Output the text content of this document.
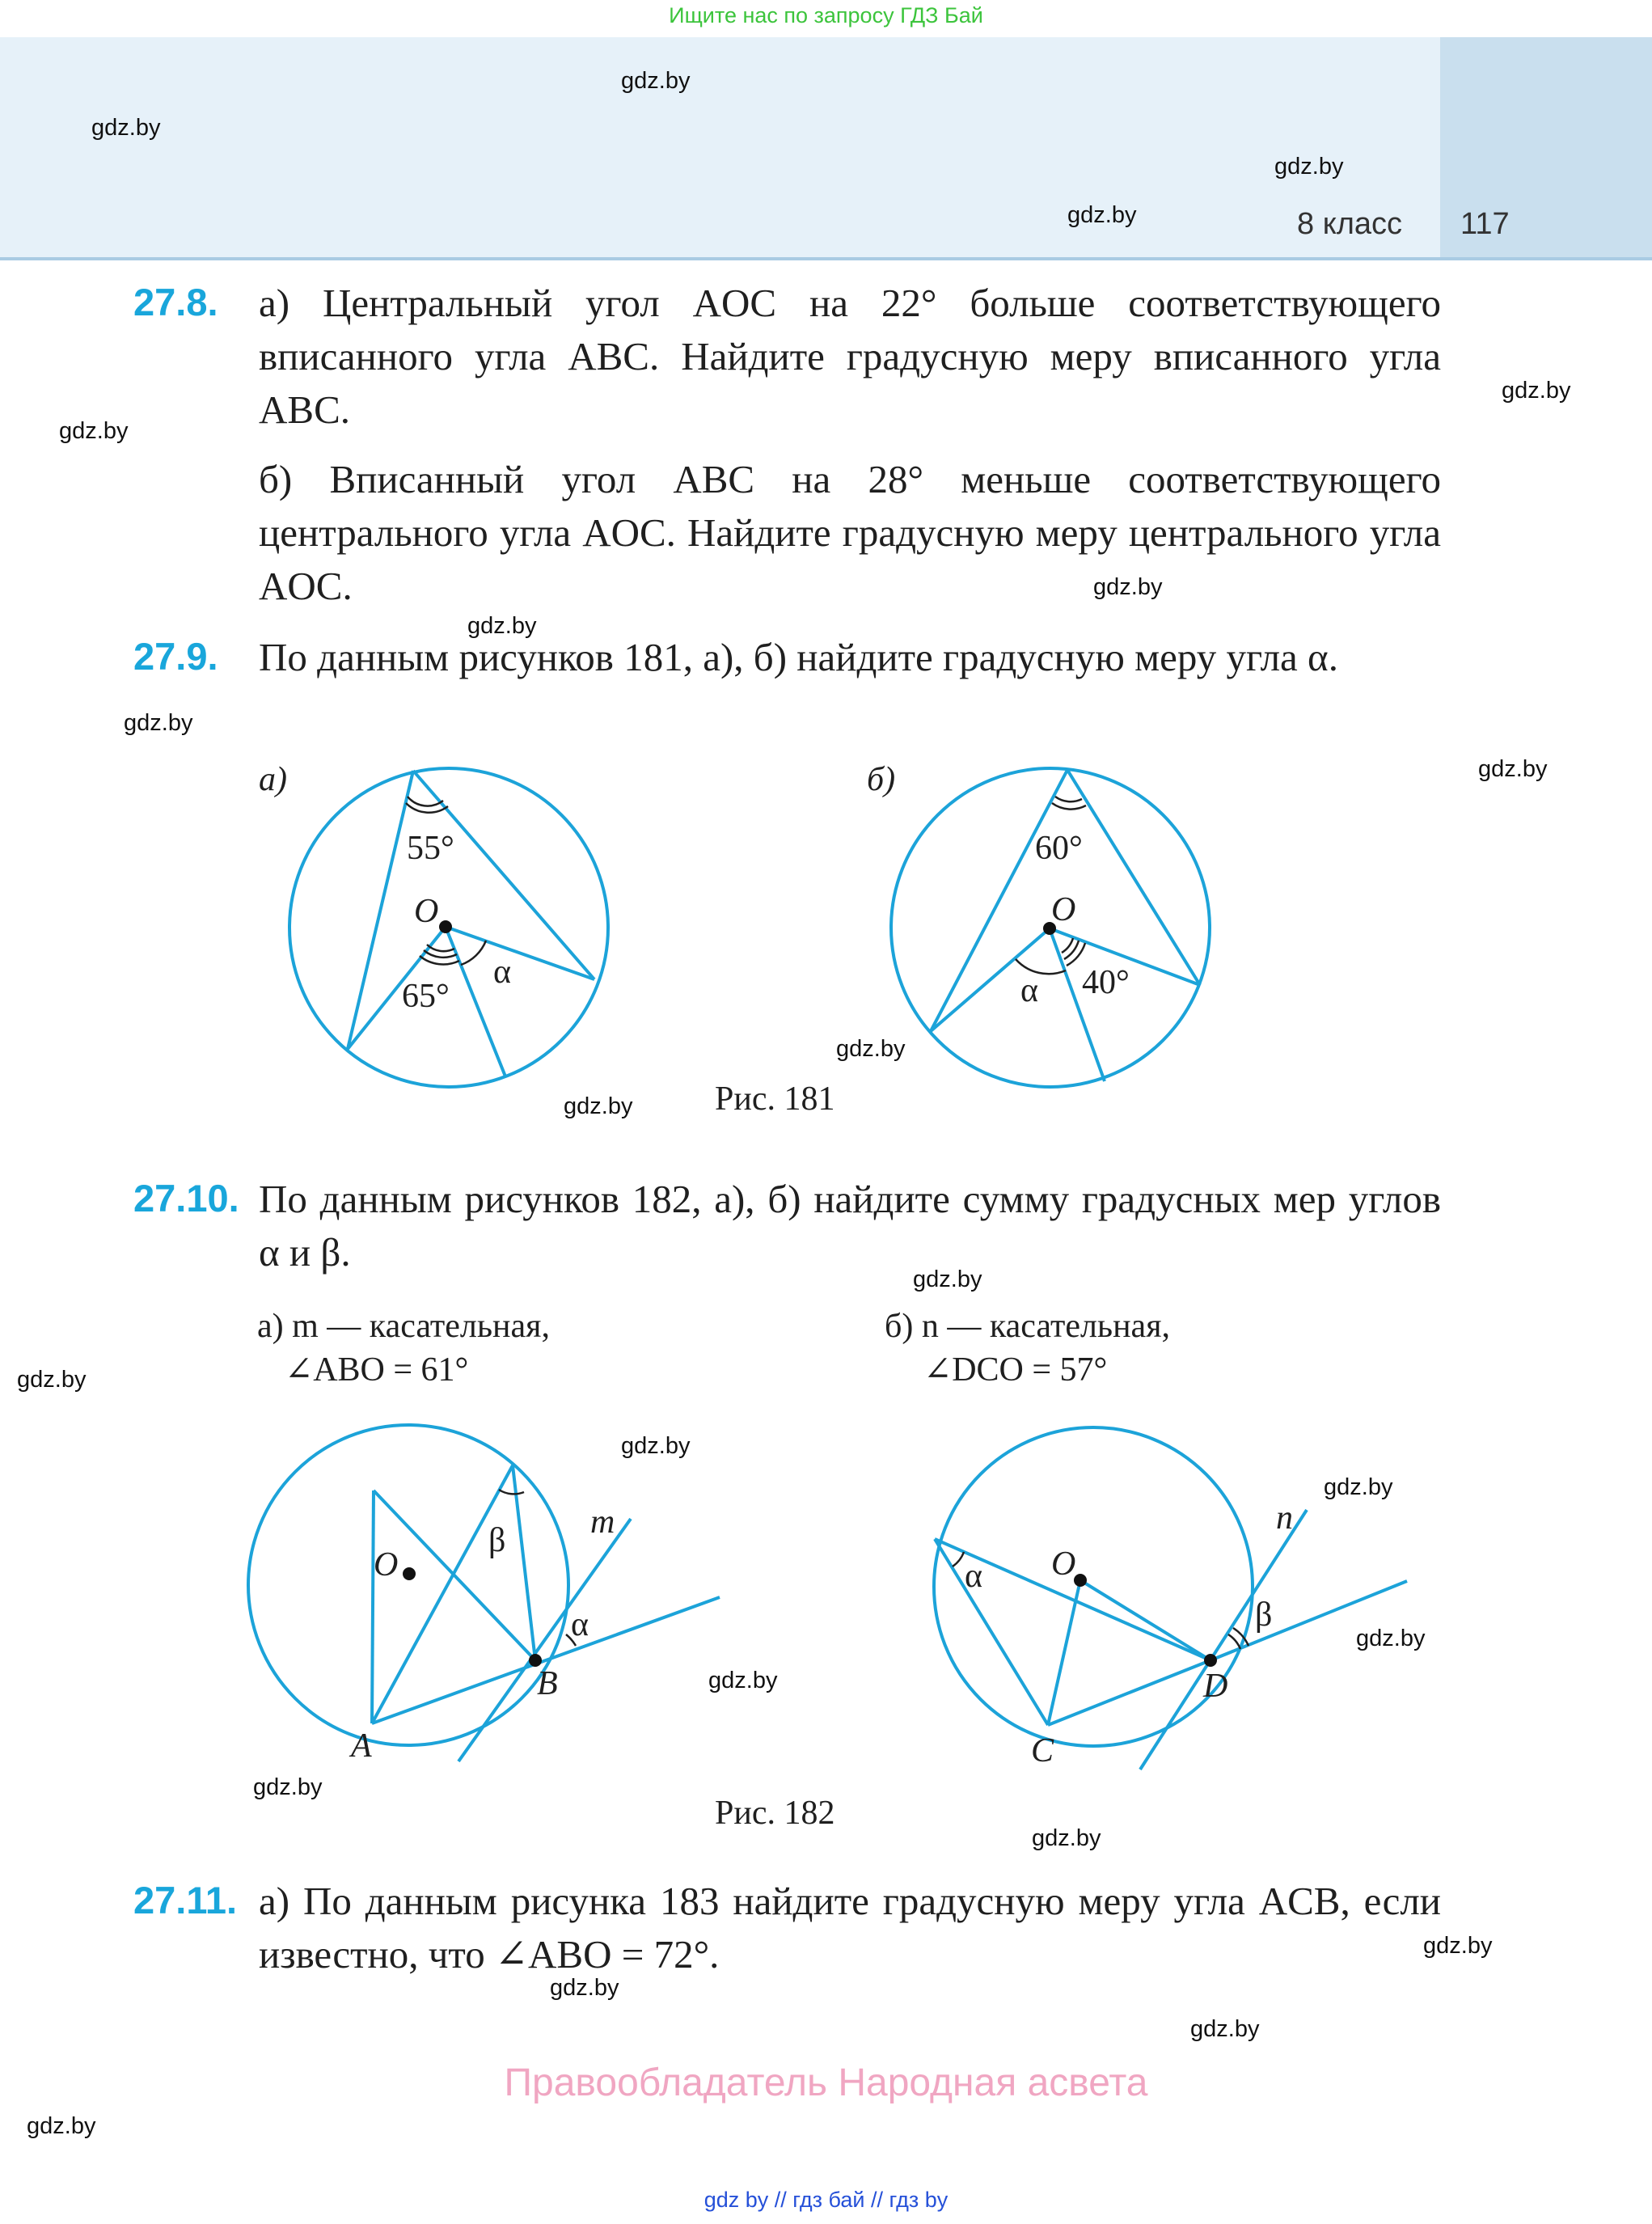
Ищите нас по запросу ГДЗ Бай
8 класс 117
gdz.by
gdz.by
gdz.by
gdz.by
gdz.by
gdz.by
gdz.by
gdz.by
gdz.by
gdz.by
gdz.by
gdz.by
gdz.by
gdz.by
gdz.by
gdz.by
gdz.by
gdz.by
gdz.by
gdz.by
gdz.by
gdz.by
gdz.by
gdz.by
27.8. а) Центральный угол AOC на 22° больше соответствующего вписанного угла ABC. Найдите градусную меру вписанного угла ABC.
б) Вписанный угол ABC на 28° меньше соответствующего центрального угла AOC. Найдите градусную меру центрального угла AOC.
27.9. По данным рисунков 181, а), б) найдите градусную меру угла α.
а)	б)
55°
O
65°
α
60°
O
α 40°
Рис. 181
27.10. По данным рисунков 182, а), б) найдите сумму градусных мер углов α и β.
а) m — касательная,
∠ABO = 61°
б) n — касательная,
∠DCO = 57°
O
A
B
m
α
β
O
C
D
n
α
β
Рис. 182
27.11. а) По данным рисунка 183 найдите градусную меру угла ACB, если известно, что ∠ABO = 72°.
Правообладатель Народная асвета
gdz by // гдз бай // гдз by
